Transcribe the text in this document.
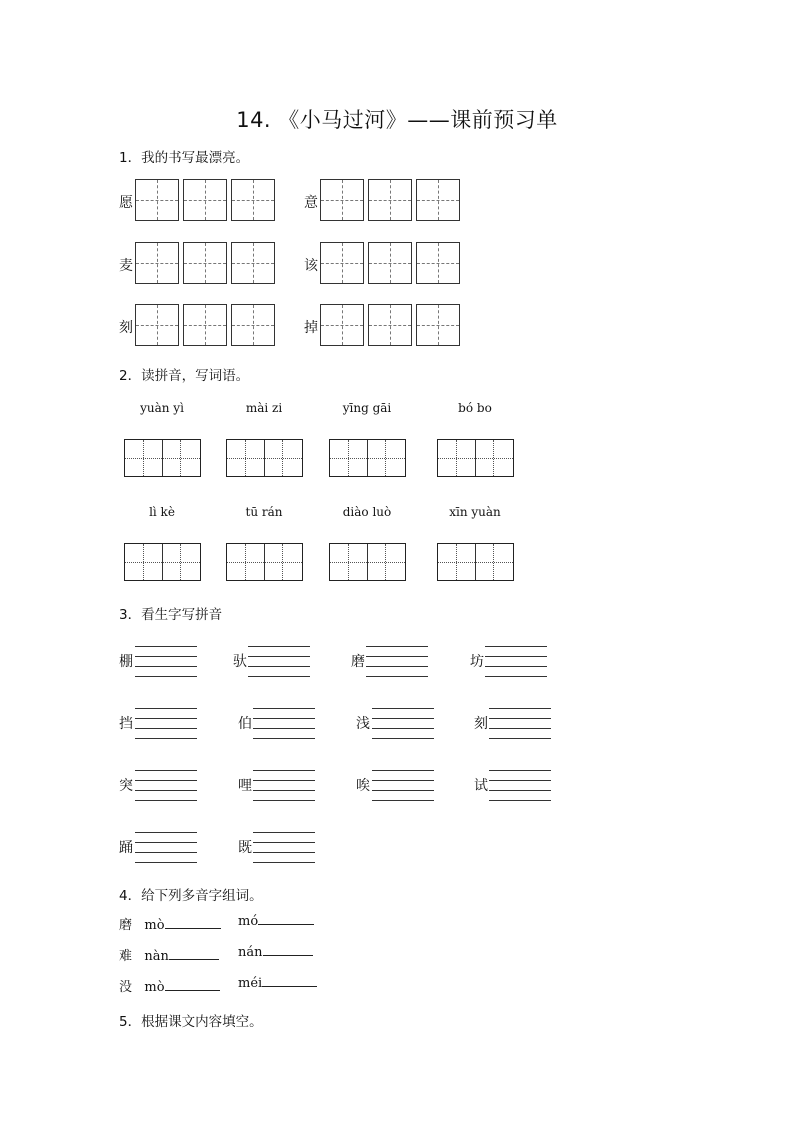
14. 《小马过河》——课前预习单
1．我的书写最漂亮。
愿	意
麦	该
刻	掉
2．读拼音，写词语。
yuàn yì	mài zi	yīng gāi	bó bo
lì kè	tū rán	diào luò	xīn yuàn
3．看生字写拼音
棚	驮	磨	坊
挡	伯	浅	刻
突	哩	唉	试
踊	既
4．给下列多音字组词。
磨 mò	mó
难 nàn	nán
没 mò	méi
5．根据课文内容填空。
